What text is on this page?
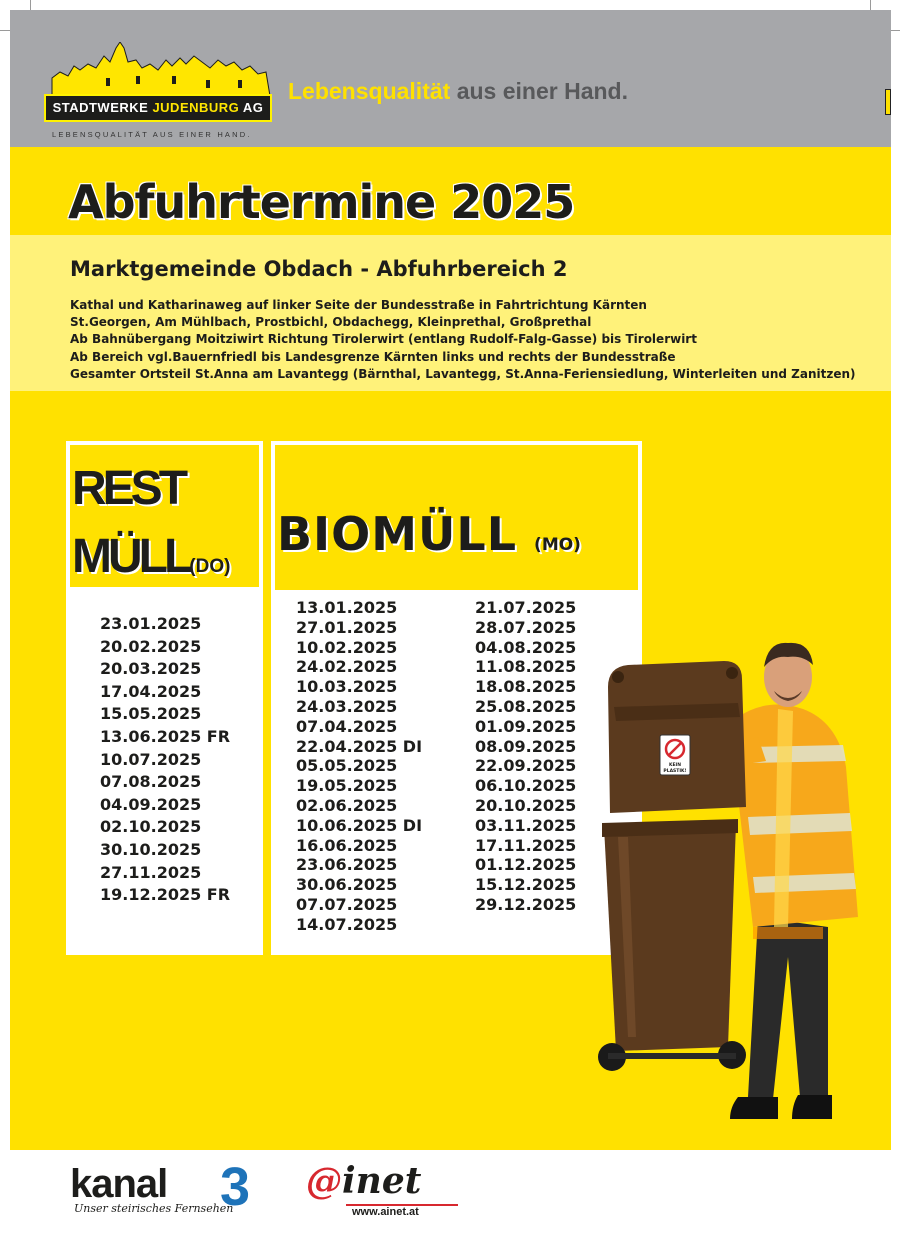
STADTWERKE JUDENBURG AG
LEBENSQUALITÄT AUS EINER HAND.
Lebensqualität aus einer Hand.
Abfuhrtermine 2025
Marktgemeinde Obdach - Abfuhrbereich 2
Kathal und Katharinaweg auf linker Seite der Bundesstraße in Fahrtrichtung Kärnten
St.Georgen, Am Mühlbach, Prostbichl, Obdachegg, Kleinprethal, Großprethal
Ab Bahnübergang Moitziwirt Richtung Tirolerwirt (entlang Rudolf-Falg-Gasse) bis Tirolerwirt
Ab Bereich vgl.Bauernfriedl bis Landesgrenze Kärnten links und rechts der Bundesstraße
Gesamter Ortsteil St.Anna am Lavantegg (Bärnthal, Lavantegg, St.Anna-Feriensiedlung, Winterleiten und Zanitzen)
REST
MÜLL(DO)
23.01.2025
20.02.2025
20.03.2025
17.04.2025
15.05.2025
13.06.2025 FR
10.07.2025
07.08.2025
04.09.2025
02.10.2025
30.10.2025
27.11.2025
19.12.2025 FR
BIOMÜLL (MO)
13.01.2025
27.01.2025
10.02.2025
24.02.2025
10.03.2025
24.03.2025
07.04.2025
22.04.2025 DI
05.05.2025
19.05.2025
02.06.2025
10.06.2025 DI
16.06.2025
23.06.2025
30.06.2025
07.07.2025
14.07.2025
21.07.2025
28.07.2025
04.08.2025
11.08.2025
18.08.2025
25.08.2025
01.09.2025
08.09.2025
22.09.2025
06.10.2025
20.10.2025
03.11.2025
17.11.2025
01.12.2025
15.12.2025
29.12.2025
KEIN
PLASTIK!
kanal 3
Unser steirisches Fernsehen
@inet
www.ainet.at
